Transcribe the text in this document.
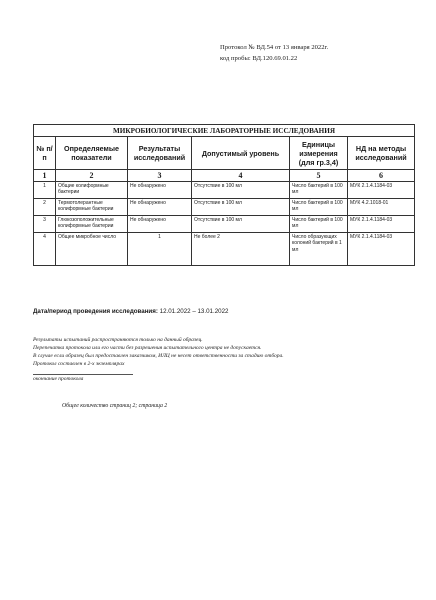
Протокол № ВД.54 от 13 января 2022г.
код пробы: ВД.120.69.01.22
МИКРОБИОЛОГИЧЕСКИЕ ЛАБОРАТОРНЫЕ ИССЛЕДОВАНИЯ					
№ п/п	Определяемые показатели	Результаты исследований	Допустимый уровень	Единицы измерения (для гр.3,4)	НД на методы исследований
1	2	3	4	5	6
1	Общие колиформные бактерии	Не обнаружено	Отсутствие в 100 мл	Число бактерий в 100 мл	МУК 2.1.4.1184-03
2	Термотолерантные колиформные бактерии	Не обнаружено	Отсутствие в 100 мл	Число бактерий в 100 мл	МУК 4.2.1018-01
3	Глюкозоположительные колиформные бактерии	Не обнаружено	Отсутствие в 100 мл	Число бактерий в 100 мл	МУК 2.1.4.1184-03
4	Общее микробное число	1	Не более 2	Число образующих колоний бактерий в 1 мл	МУК 2.1.4.1184-03
Дата/период проведения исследования: 12.01.2022 – 13.01.2022
Результаты испытаний распространяются только на данный образец.
Перепечатка протокола или его части без разрешения испытательного центра не допускается.
В случае если образец был предоставлен заказчиком, ИЛЦ не несет ответственности за стадию отбора.
Протокол составлен в 2-х экземплярах
окончание протокола
Общее количество страниц 2; страница 2
